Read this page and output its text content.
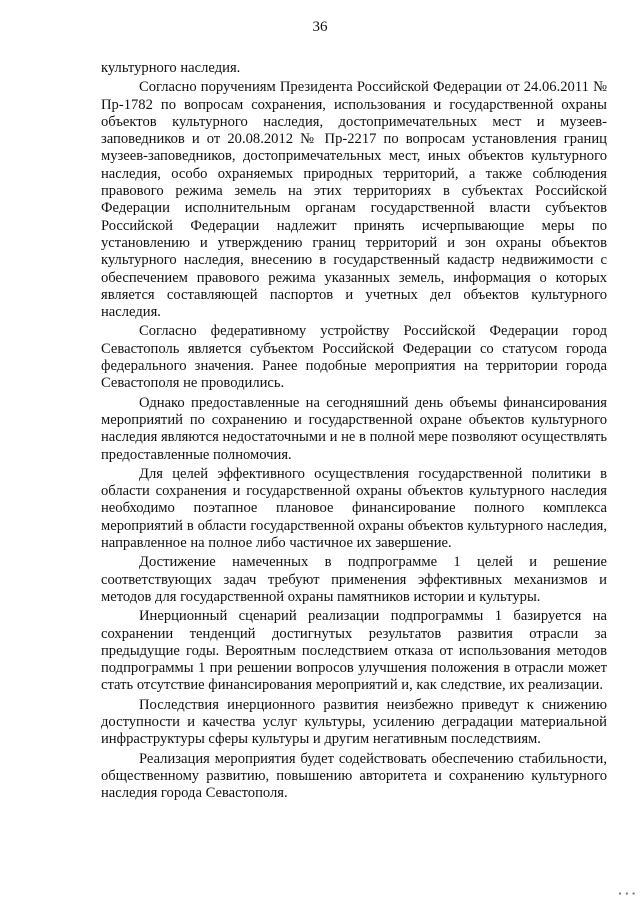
36

культурного наследия.

Согласно поручениям Президента Российской Федерации от 24.06.2011 № Пр-1782 по вопросам сохранения, использования и государственной охраны объектов культурного наследия, достопримечательных мест и музеев-заповедников и от 20.08.2012 № Пр-2217 по вопросам установления границ музеев-заповедников, достопримечательных мест, иных объектов культурного наследия, особо охраняемых природных территорий, а также соблюдения правового режима земель на этих территориях в субъектах Российской Федерации исполнительным органам государственной власти субъектов Российской Федерации надлежит принять исчерпывающие меры по установлению и утверждению границ территорий и зон охраны объектов культурного наследия, внесению в государственный кадастр недвижимости с обеспечением правового режима указанных земель, информация о которых является составляющей паспортов и учетных дел объектов культурного наследия.

Согласно федеративному устройству Российской Федерации город Севастополь является субъектом Российской Федерации со статусом города федерального значения. Ранее подобные мероприятия на территории города Севастополя не проводились.

Однако предоставленные на сегодняшний день объемы финансирования мероприятий по сохранению и государственной охране объектов культурного наследия являются недостаточными и не в полной мере позволяют осуществлять предоставленные полномочия.

Для целей эффективного осуществления государственной политики в области сохранения и государственной охраны объектов культурного наследия необходимо поэтапное плановое финансирование полного комплекса мероприятий в области государственной охраны объектов культурного наследия, направленное на полное либо частичное их завершение.

Достижение намеченных в подпрограмме 1 целей и решение соответствующих задач требуют применения эффективных механизмов и методов для государственной охраны памятников истории и культуры.

Инерционный сценарий реализации подпрограммы 1 базируется на сохранении тенденций достигнутых результатов развития отрасли за предыдущие годы. Вероятным последствием отказа от использования методов подпрограммы 1 при решении вопросов улучшения положения в отрасли может стать отсутствие финансирования мероприятий и, как следствие, их реализации.

Последствия инерционного развития неизбежно приведут к снижению доступности и качества услуг культуры, усилению деградации материальной инфраструктуры сферы культуры и другим негативным последствиям.

Реализация мероприятия будет содействовать обеспечению стабильности, общественному развитию, повышению авторитета и сохранению культурного наследия города Севастополя.

▪ ▪ ▪
